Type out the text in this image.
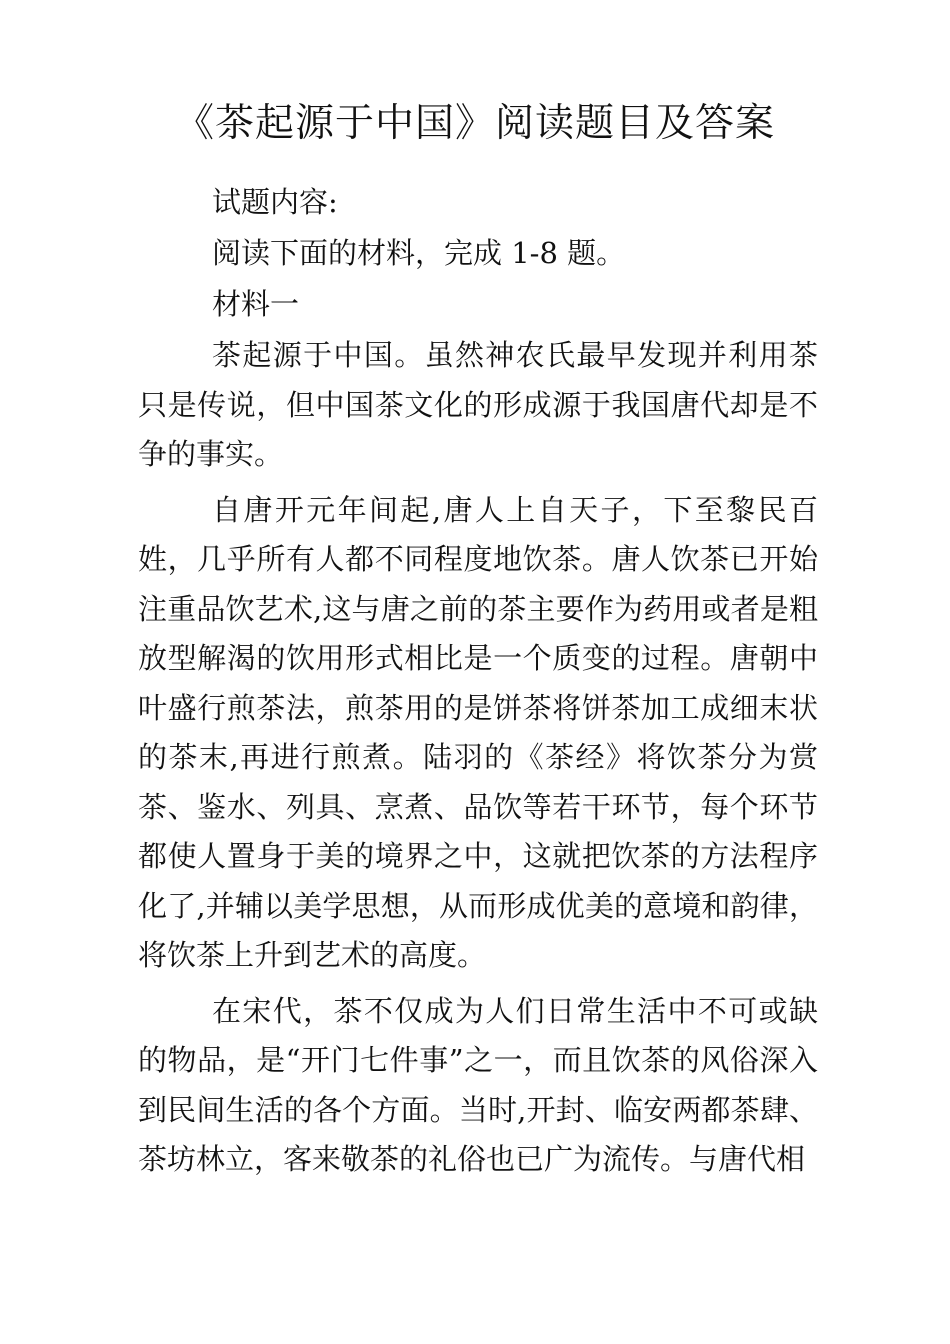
《茶起源于中国》阅读题目及答案

试题内容:

阅读下面的材料，完成 1-8 题。

材料一

茶起源于中国。虽然神农氏最早发现并利用茶只是传说，但中国茶文化的形成源于我国唐代却是不争的事实。

自唐开元年间起,唐人上自天子，下至黎民百姓，几乎所有人都不同程度地饮茶。唐人饮茶已开始注重品饮艺术,这与唐之前的茶主要作为药用或者是粗放型解渴的饮用形式相比是一个质变的过程。唐朝中叶盛行煎茶法，煎茶用的是饼茶将饼茶加工成细末状的茶末,再进行煎煮。陆羽的《茶经》将饮茶分为赏茶、鉴水、列具、烹煮、品饮等若干环节，每个环节都使人置身于美的境界之中，这就把饮茶的方法程序化了,并辅以美学思想，从而形成优美的意境和韵律，将饮茶上升到艺术的高度。

在宋代，茶不仅成为人们日常生活中不可或缺的物品，是“开门七件事”之一，而且饮茶的风俗深入到民间生活的各个方面。当时,开封、临安两都茶肆、茶坊林立，客来敬茶的礼俗也已广为流传。与唐代相
